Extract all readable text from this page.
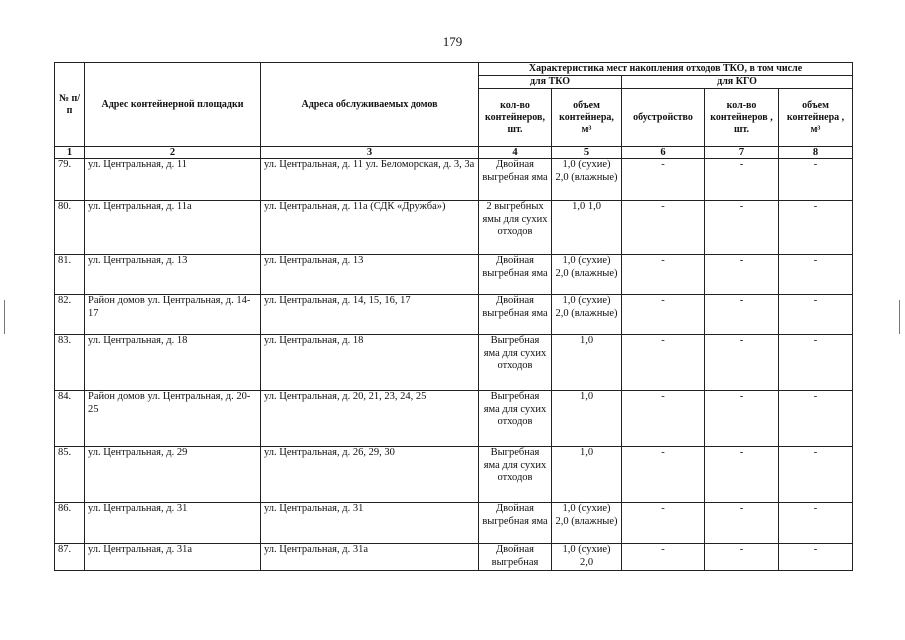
179
№ п/п	Адрес контейнерной площадки	Адреса обслуживаемых домов	Характеристика мест накопления отходов ТКО, в том числе				
			для ТКО		для КГО		
			кол-во контейнеров, шт.	объем контейнера, м³	обустройство	кол-во контейнеров , шт.	объем контейнера , м³
1	2	3	4	5	6	7	8
79.	ул. Центральная, д. 11	ул. Центральная, д. 11 ул. Беломорская, д. 3, 3а	Двойная выгребная яма	1,0 (сухие) 2,0 (влажные)	-	-	-
80.	ул. Центральная, д. 11а	ул. Центральная, д. 11а (СДК «Дружба»)	2 выгребных ямы для сухих отходов	1,0 1,0	-	-	-
81.	ул. Центральная, д. 13	ул. Центральная, д. 13	Двойная выгребная яма	1,0 (сухие) 2,0 (влажные)	-	-	-
82.	Район домов ул. Центральная, д. 14-17	ул. Центральная, д. 14, 15, 16, 17	Двойная выгребная яма	1,0 (сухие) 2,0 (влажные)	-	-	-
83.	ул. Центральная, д. 18	ул. Центральная, д. 18	Выгребная яма для сухих отходов	1,0	-	-	-
84.	Район домов ул. Центральная, д. 20-25	ул. Центральная, д. 20, 21, 23, 24, 25	Выгребная яма для сухих отходов	1,0	-	-	-
85.	ул. Центральная, д. 29	ул. Центральная, д. 26, 29, 30	Выгребная яма для сухих отходов	1,0	-	-	-
86.	ул. Центральная, д. 31	ул. Центральная, д. 31	Двойная выгребная яма	1,0 (сухие) 2,0 (влажные)	-	-	-
87.	ул. Центральная, д. 31а	ул. Центральная, д. 31а	Двойная выгребная	1,0 (сухие) 2,0	-	-	-
